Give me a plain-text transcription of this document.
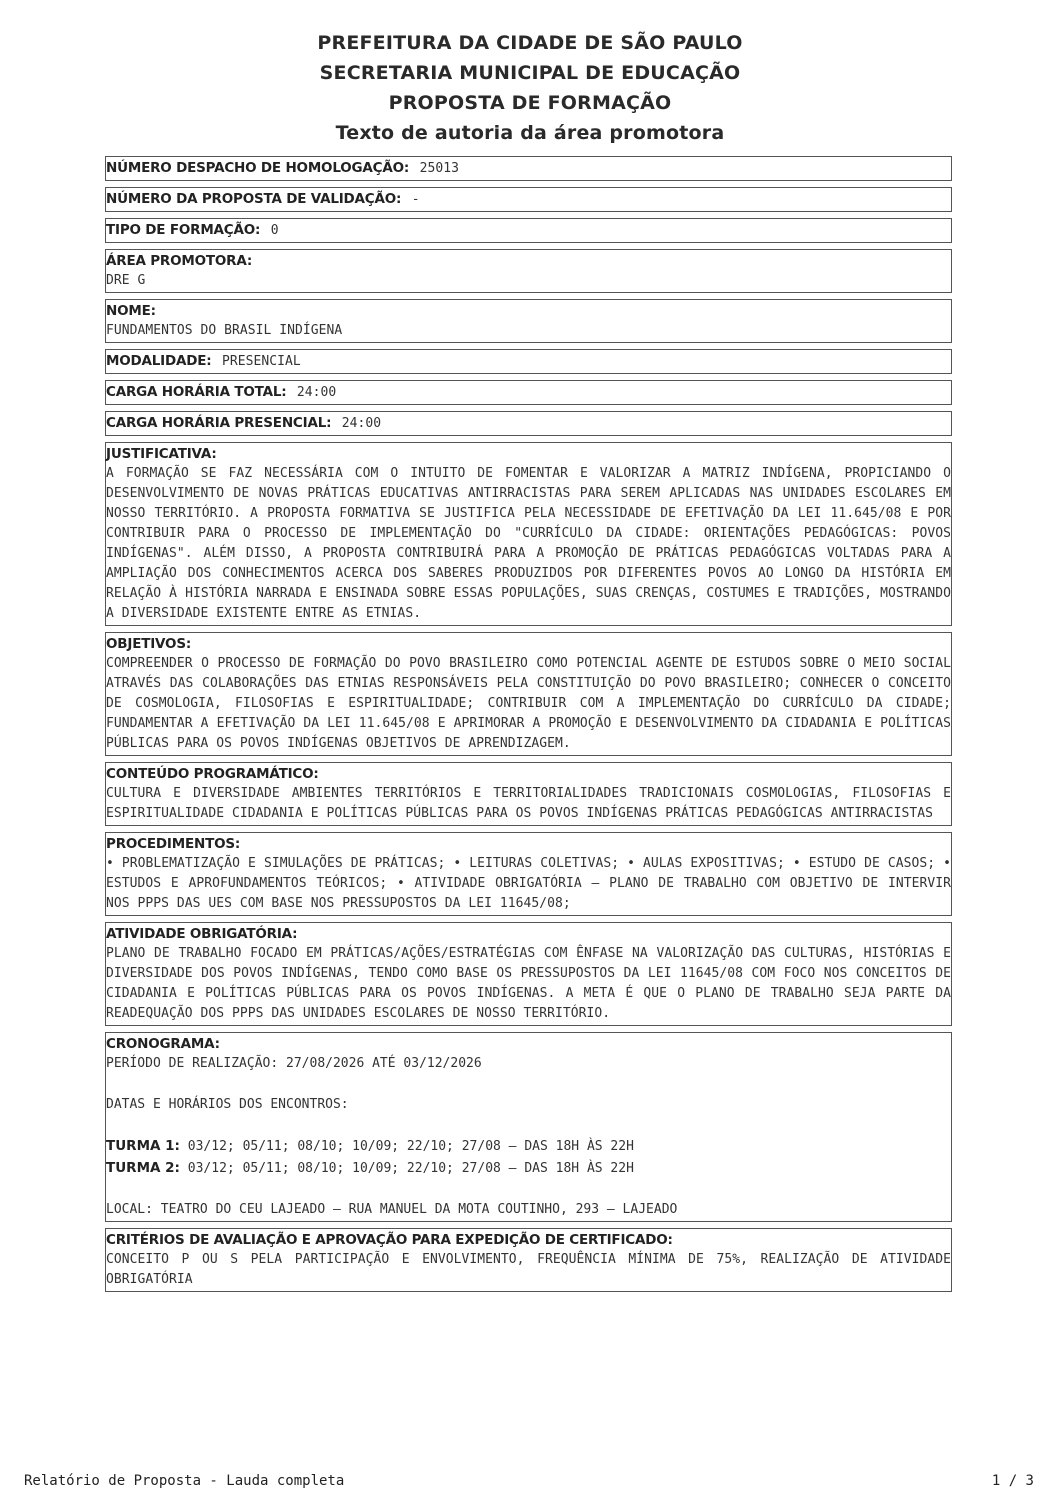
PREFEITURA DA CIDADE DE SÃO PAULO
SECRETARIA MUNICIPAL DE EDUCAÇÃO
PROPOSTA DE FORMAÇÃO
Texto de autoria da área promotora
NÚMERO DESPACHO DE HOMOLOGAÇÃO: 25013
NÚMERO DA PROPOSTA DE VALIDAÇÃO: -
TIPO DE FORMAÇÃO: 0
ÁREA PROMOTORA:
DRE G
NOME:
FUNDAMENTOS DO BRASIL INDÍGENA
MODALIDADE: PRESENCIAL
CARGA HORÁRIA TOTAL: 24:00
CARGA HORÁRIA PRESENCIAL: 24:00
JUSTIFICATIVA:
A FORMAÇÃO SE FAZ NECESSÁRIA COM O INTUITO DE FOMENTAR E VALORIZAR A MATRIZ INDÍGENA, PROPICIANDO O DESENVOLVIMENTO DE NOVAS PRÁTICAS EDUCATIVAS ANTIRRACISTAS PARA SEREM APLICADAS NAS UNIDADES ESCOLARES EM NOSSO TERRITÓRIO. A PROPOSTA FORMATIVA SE JUSTIFICA PELA NECESSIDADE DE EFETIVAÇÃO DA LEI 11.645/08 E POR CONTRIBUIR PARA O PROCESSO DE IMPLEMENTAÇÃO DO "CURRÍCULO DA CIDADE: ORIENTAÇÕES PEDAGÓGICAS: POVOS INDÍGENAS". ALÉM DISSO, A PROPOSTA CONTRIBUIRÁ PARA A PROMOÇÃO DE PRÁTICAS PEDAGÓGICAS VOLTADAS PARA A AMPLIAÇÃO DOS CONHECIMENTOS ACERCA DOS SABERES PRODUZIDOS POR DIFERENTES POVOS AO LONGO DA HISTÓRIA EM RELAÇÃO À HISTÓRIA NARRADA E ENSINADA SOBRE ESSAS POPULAÇÕES, SUAS CRENÇAS, COSTUMES E TRADIÇÕES, MOSTRANDO A DIVERSIDADE EXISTENTE ENTRE AS ETNIAS.
OBJETIVOS:
COMPREENDER O PROCESSO DE FORMAÇÃO DO POVO BRASILEIRO COMO POTENCIAL AGENTE DE ESTUDOS SOBRE O MEIO SOCIAL ATRAVÉS DAS COLABORAÇÕES DAS ETNIAS RESPONSÁVEIS PELA CONSTITUIÇÃO DO POVO BRASILEIRO; CONHECER O CONCEITO DE COSMOLOGIA, FILOSOFIAS E ESPIRITUALIDADE; CONTRIBUIR COM A IMPLEMENTAÇÃO DO CURRÍCULO DA CIDADE; FUNDAMENTAR A EFETIVAÇÃO DA LEI 11.645/08 E APRIMORAR A PROMOÇÃO E DESENVOLVIMENTO DA CIDADANIA E POLÍTICAS PÚBLICAS PARA OS POVOS INDÍGENAS OBJETIVOS DE APRENDIZAGEM.
CONTEÚDO PROGRAMÁTICO:
CULTURA E DIVERSIDADE AMBIENTES TERRITÓRIOS E TERRITORIALIDADES TRADICIONAIS COSMOLOGIAS, FILOSOFIAS E ESPIRITUALIDADE CIDADANIA E POLÍTICAS PÚBLICAS PARA OS POVOS INDÍGENAS PRÁTICAS PEDAGÓGICAS ANTIRRACISTAS
PROCEDIMENTOS:
• PROBLEMATIZAÇÃO E SIMULAÇÕES DE PRÁTICAS; • LEITURAS COLETIVAS; • AULAS EXPOSITIVAS; • ESTUDO DE CASOS; • ESTUDOS E APROFUNDAMENTOS TEÓRICOS; • ATIVIDADE OBRIGATÓRIA – PLANO DE TRABALHO COM OBJETIVO DE INTERVIR NOS PPPS DAS UES COM BASE NOS PRESSUPOSTOS DA LEI 11645/08;
ATIVIDADE OBRIGATÓRIA:
PLANO DE TRABALHO FOCADO EM PRÁTICAS/AÇÕES/ESTRATÉGIAS COM ÊNFASE NA VALORIZAÇÃO DAS CULTURAS, HISTÓRIAS E DIVERSIDADE DOS POVOS INDÍGENAS, TENDO COMO BASE OS PRESSUPOSTOS DA LEI 11645/08 COM FOCO NOS CONCEITOS DE CIDADANIA E POLÍTICAS PÚBLICAS PARA OS POVOS INDÍGENAS. A META É QUE O PLANO DE TRABALHO SEJA PARTE DA READEQUAÇÃO DOS PPPS DAS UNIDADES ESCOLARES DE NOSSO TERRITÓRIO.
CRONOGRAMA:
PERÍODO DE REALIZAÇÃO: 27/08/2026 ATÉ 03/12/2026
DATAS E HORÁRIOS DOS ENCONTROS:
TURMA 1: 03/12; 05/11; 08/10; 10/09; 22/10; 27/08 – DAS 18H ÀS 22H
TURMA 2: 03/12; 05/11; 08/10; 10/09; 22/10; 27/08 – DAS 18H ÀS 22H
LOCAL: TEATRO DO CEU LAJEADO – RUA MANUEL DA MOTA COUTINHO, 293 – LAJEADO
CRITÉRIOS DE AVALIAÇÃO E APROVAÇÃO PARA EXPEDIÇÃO DE CERTIFICADO:
CONCEITO P OU S PELA PARTICIPAÇÃO E ENVOLVIMENTO, FREQUÊNCIA MÍNIMA DE 75%, REALIZAÇÃO DE ATIVIDADE OBRIGATÓRIA
Relatório de Proposta - Lauda completa	1 / 3
